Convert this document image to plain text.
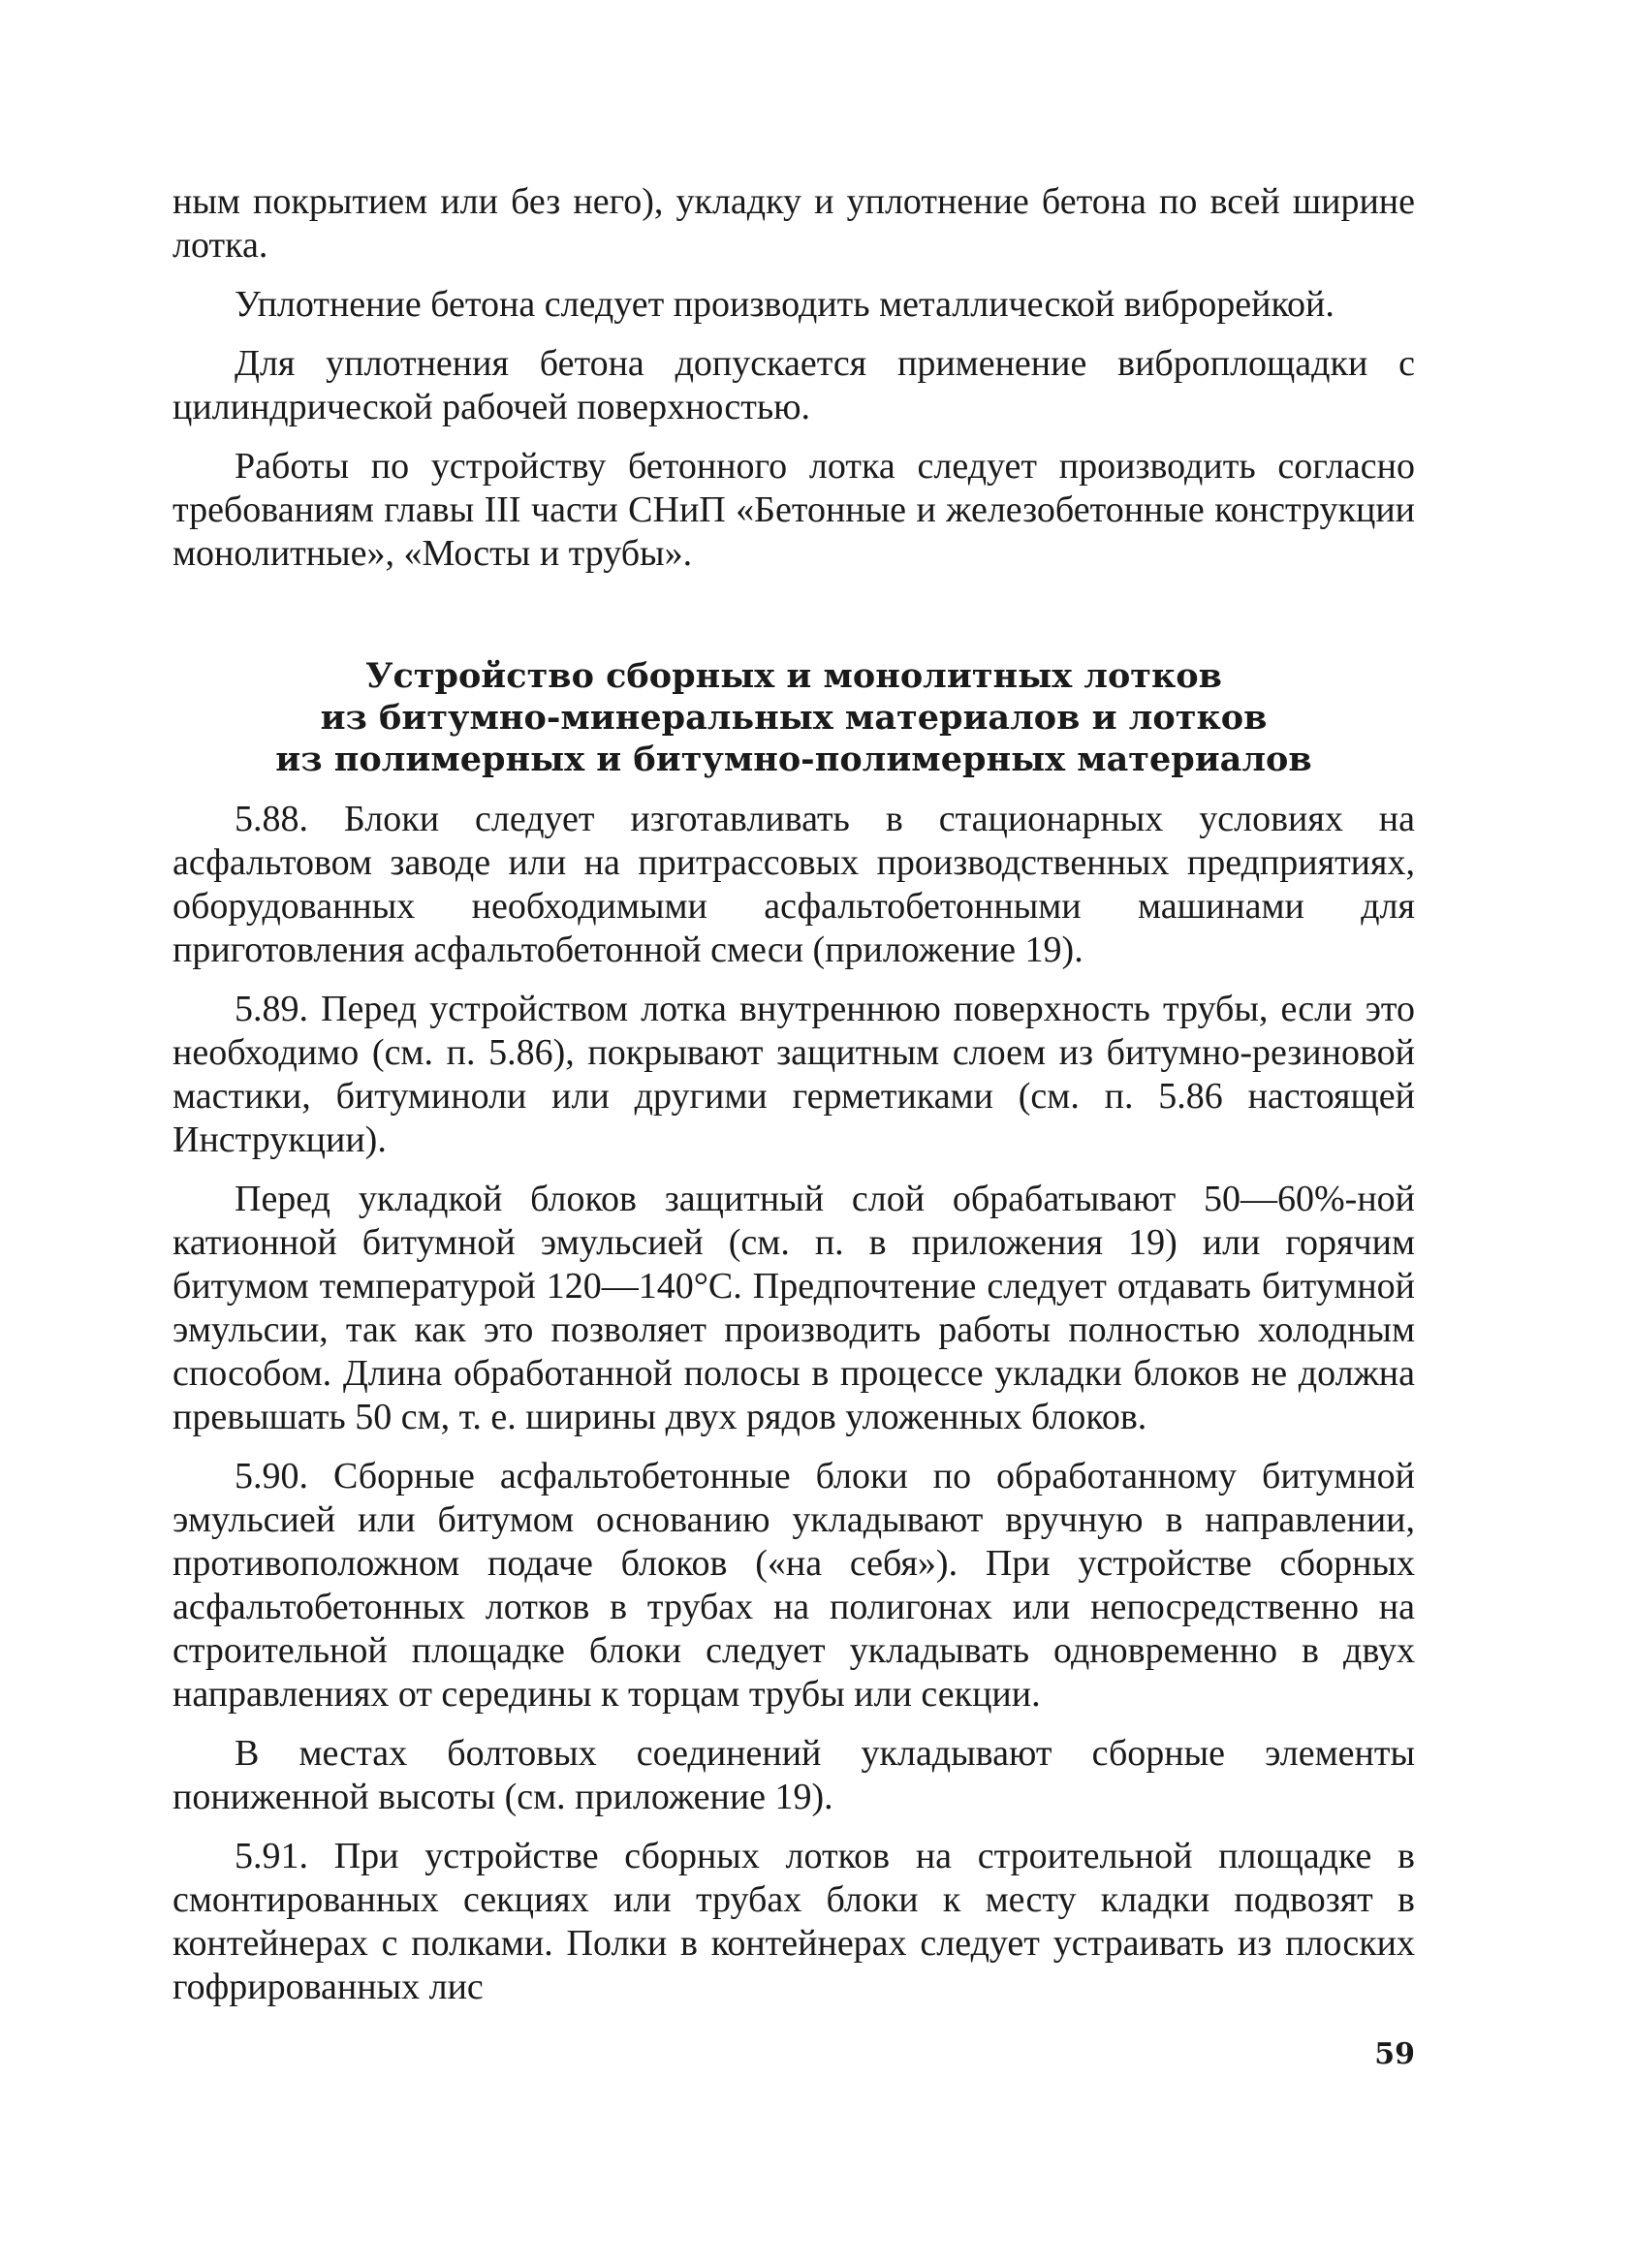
ным покрытием или без него), укладку и уплотнение бетона по всей ширине лотка.

Уплотнение бетона следует производить металлической виброрейкой.

Для уплотнения бетона допускается применение виброплощадки с цилиндрической рабочей поверхностью.

Работы по устройству бетонного лотка следует производить согласно требованиям главы III части СНиП «Бетонные и железобетонные конструкции монолитные», «Мосты и трубы».

Устройство сборных и монолитных лотков

из битумно-минеральных материалов и лотков

из полимерных и битумно-полимерных материалов

5.88. Блоки следует изготавливать в стационарных условиях на асфальтовом заводе или на притрассовых производственных предприятиях, оборудованных необходимыми асфальтобетонными машинами для приготовления асфальтобетонной смеси (приложение 19).

5.89. Перед устройством лотка внутреннюю поверхность трубы, если это необходимо (см. п. 5.86), покрывают защитным слоем из битумно-резиновой мастики, битуминоли или другими герметиками (см. п. 5.86 настоящей Инструкции).

Перед укладкой блоков защитный слой обрабатывают 50—60%-ной катионной битумной эмульсией (см. п. в приложения 19) или горячим битумом температурой 120—140°С. Предпочтение следует отдавать битумной эмульсии, так как это позволяет производить работы полностью холодным способом. Длина обработанной полосы в процессе укладки блоков не должна превышать 50 см, т. е. ширины двух рядов уложенных блоков.

5.90. Сборные асфальтобетонные блоки по обработанному битумной эмульсией или битумом основанию укладывают вручную в направлении, противоположном подаче блоков («на себя»). При устройстве сборных асфальтобетонных лотков в трубах на полигонах или непосредственно на строительной площадке блоки следует укладывать одновременно в двух направлениях от середины к торцам трубы или секции.

В местах болтовых соединений укладывают сборные элементы пониженной высоты (см. приложение 19).

5.91. При устройстве сборных лотков на строительной площадке в смонтированных секциях или трубах блоки к месту кладки подвозят в контейнерах с полками. Полки в контейнерах следует устраивать из плоских гофрированных лис

59
